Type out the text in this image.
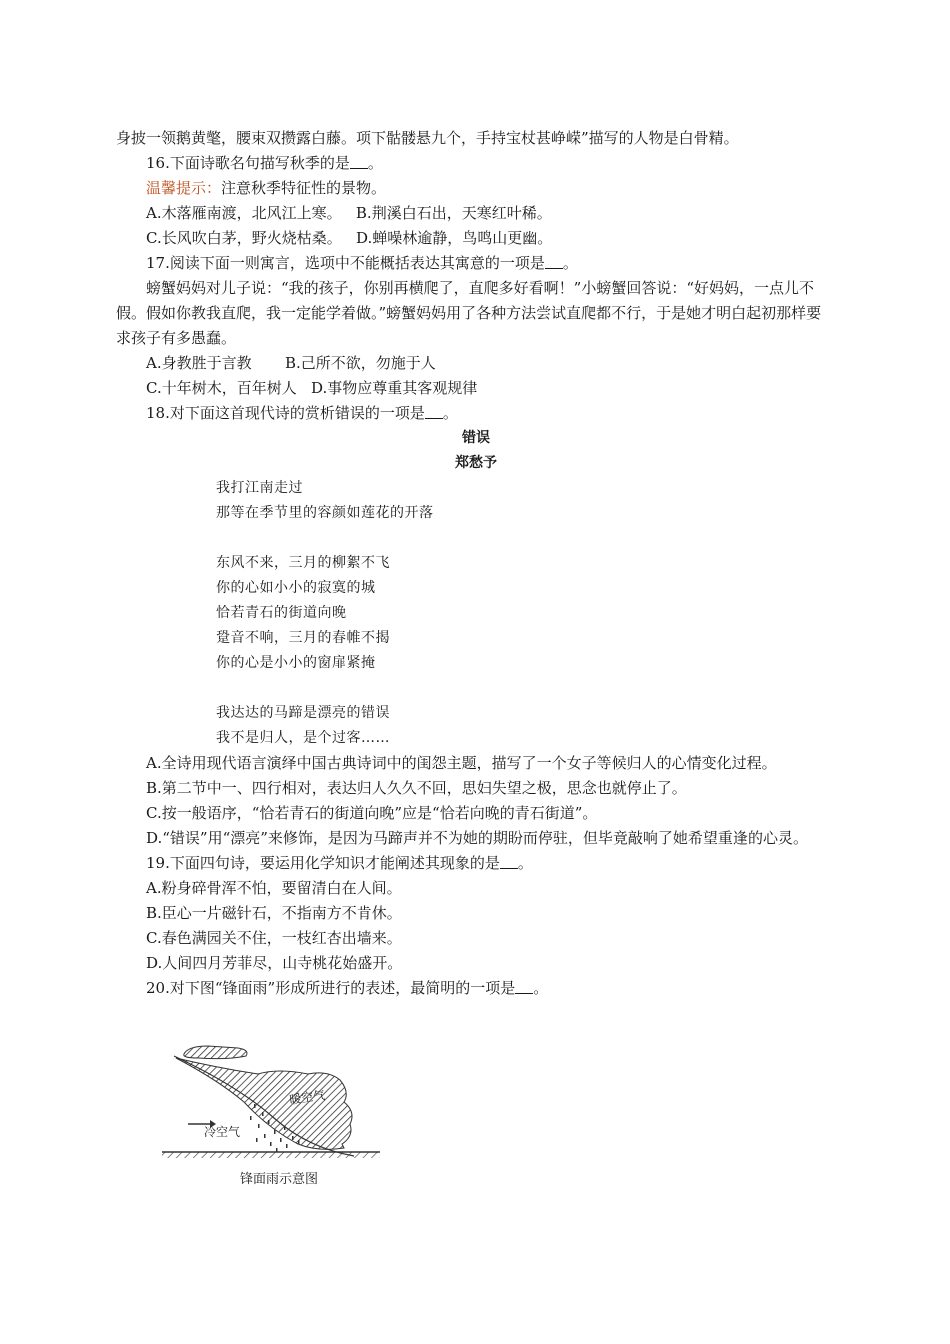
身披一领鹅黄氅，腰束双攒露白藤。项下骷髅悬九个，手持宝杖甚峥嵘”描写的人物是白骨精。
16.下面诗歌名句描写秋季的是 。
温馨提示：注意秋季特征性的景物。
A.木落雁南渡，北风江上寒。   B.荆溪白石出，天寒红叶稀。
C.长风吹白茅，野火烧枯桑。   D.蝉噪林逾静，鸟鸣山更幽。
17.阅读下面一则寓言，选项中不能概括表达其寓意的一项是 。
螃蟹妈妈对儿子说：“我的孩子，你别再横爬了，直爬多好看啊！”小螃蟹回答说：“好妈妈，一点儿不假。假如你教我直爬，我一定能学着做。”螃蟹妈妈用了各种方法尝试直爬都不行，于是她才明白起初那样要求孩子有多愚蠢。
A.身教胜于言教       B.己所不欲，勿施于人
C.十年树木，百年树人   D.事物应尊重其客观规律
18.对下面这首现代诗的赏析错误的一项是 。
错误
郑愁予
我打江南走过
那等在季节里的容颜如莲花的开落
东风不来，三月的柳絮不飞
你的心如小小的寂寞的城
恰若青石的街道向晚
跫音不响，三月的春帷不揭
你的心是小小的窗扉紧掩
我达达的马蹄是漂亮的错误
我不是归人，是个过客……
A.全诗用现代语言演绎中国古典诗词中的闺怨主题，描写了一个女子等候归人的心情变化过程。
B.第二节中一、四行相对，表达归人久久不回，思妇失望之极，思念也就停止了。
C.按一般语序，“恰若青石的街道向晚”应是“恰若向晚的青石街道”。
D.“错误”用“漂亮”来修饰，是因为马蹄声并不为她的期盼而停驻，但毕竟敲响了她希望重逢的心灵。
19.下面四句诗，要运用化学知识才能阐述其现象的是 。
A.粉身碎骨浑不怕，要留清白在人间。
B.臣心一片磁针石，不指南方不肯休。
C.春色满园关不住，一枝红杏出墙来。
D.人间四月芳菲尽，山寺桃花始盛开。
20.对下图“锋面雨”形成所进行的表述，最简明的一项是 。
暖空气
冷空气
锋面雨示意图
